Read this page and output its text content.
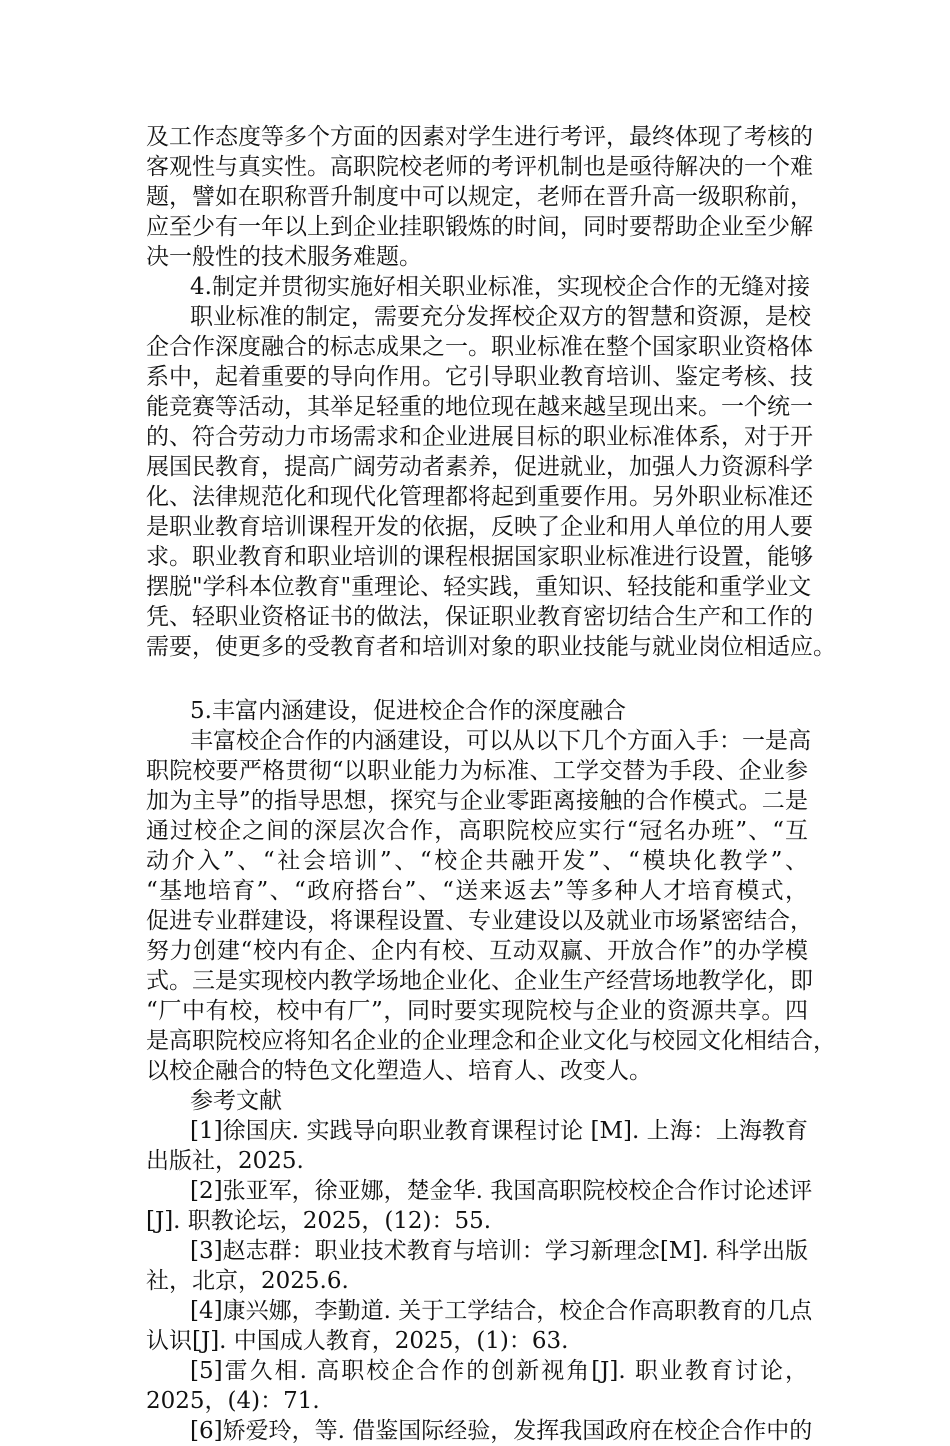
及工作态度等多个方面的因素对学生进行考评，最终体现了考核的
客观性与真实性。高职院校老师的考评机制也是亟待解决的一个难
题，譬如在职称晋升制度中可以规定，老师在晋升高一级职称前，
应至少有一年以上到企业挂职锻炼的时间，同时要帮助企业至少解
决一般性的技术服务难题。
4.制定并贯彻实施好相关职业标准，实现校企合作的无缝对接
职业标准的制定，需要充分发挥校企双方的智慧和资源，是校
企合作深度融合的标志成果之一。职业标准在整个国家职业资格体
系中，起着重要的导向作用。它引导职业教育培训、鉴定考核、技
能竞赛等活动，其举足轻重的地位现在越来越呈现出来。一个统一
的、符合劳动力市场需求和企业进展目标的职业标准体系，对于开
展国民教育，提高广阔劳动者素养，促进就业，加强人力资源科学
化、法律规范化和现代化管理都将起到重要作用。另外职业标准还
是职业教育培训课程开发的依据，反映了企业和用人单位的用人要
求。职业教育和职业培训的课程根据国家职业标准进行设置，能够
摆脱"学科本位教育"重理论、轻实践，重知识、轻技能和重学业文
凭、轻职业资格证书的做法，保证职业教育密切结合生产和工作的
需要，使更多的受教育者和培训对象的职业技能与就业岗位相适应。
5.丰富内涵建设，促进校企合作的深度融合
丰富校企合作的内涵建设，可以从以下几个方面入手：一是高
职院校要严格贯彻“以职业能力为标准、工学交替为手段、企业参
加为主导”的指导思想，探究与企业零距离接触的合作模式。二是
通过校企之间的深层次合作，高职院校应实行“冠名办班”、“互
动介入”、“社会培训”、“校企共融开发”、“模块化教学”、
“基地培育”、“政府搭台”、“送来返去”等多种人才培育模式，
促进专业群建设，将课程设置、专业建设以及就业市场紧密结合，
努力创建“校内有企、企内有校、互动双赢、开放合作”的办学模
式。三是实现校内教学场地企业化、企业生产经营场地教学化，即
“厂中有校，校中有厂”，同时要实现院校与企业的资源共享。四
是高职院校应将知名企业的企业理念和企业文化与校园文化相结合，
以校企融合的特色文化塑造人、培育人、改变人。
参考文献
[1]徐国庆. 实践导向职业教育课程讨论 [M]. 上海：上海教育
出版社，2025.
[2]张亚军，徐亚娜，楚金华. 我国高职院校校企合作讨论述评
[J]. 职教论坛，2025，(12)：55.
[3]赵志群：职业技术教育与培训：学习新理念[M]. 科学出版
社，北京，2025.6.
[4]康兴娜，李勤道. 关于工学结合，校企合作高职教育的几点
认识[J]. 中国成人教育，2025，(1)：63.
[5]雷久相. 高职校企合作的创新视角[J]. 职业教育讨论，
2025，(4)：71.
[6]矫爱玲，等. 借鉴国际经验，发挥我国政府在校企合作中的
